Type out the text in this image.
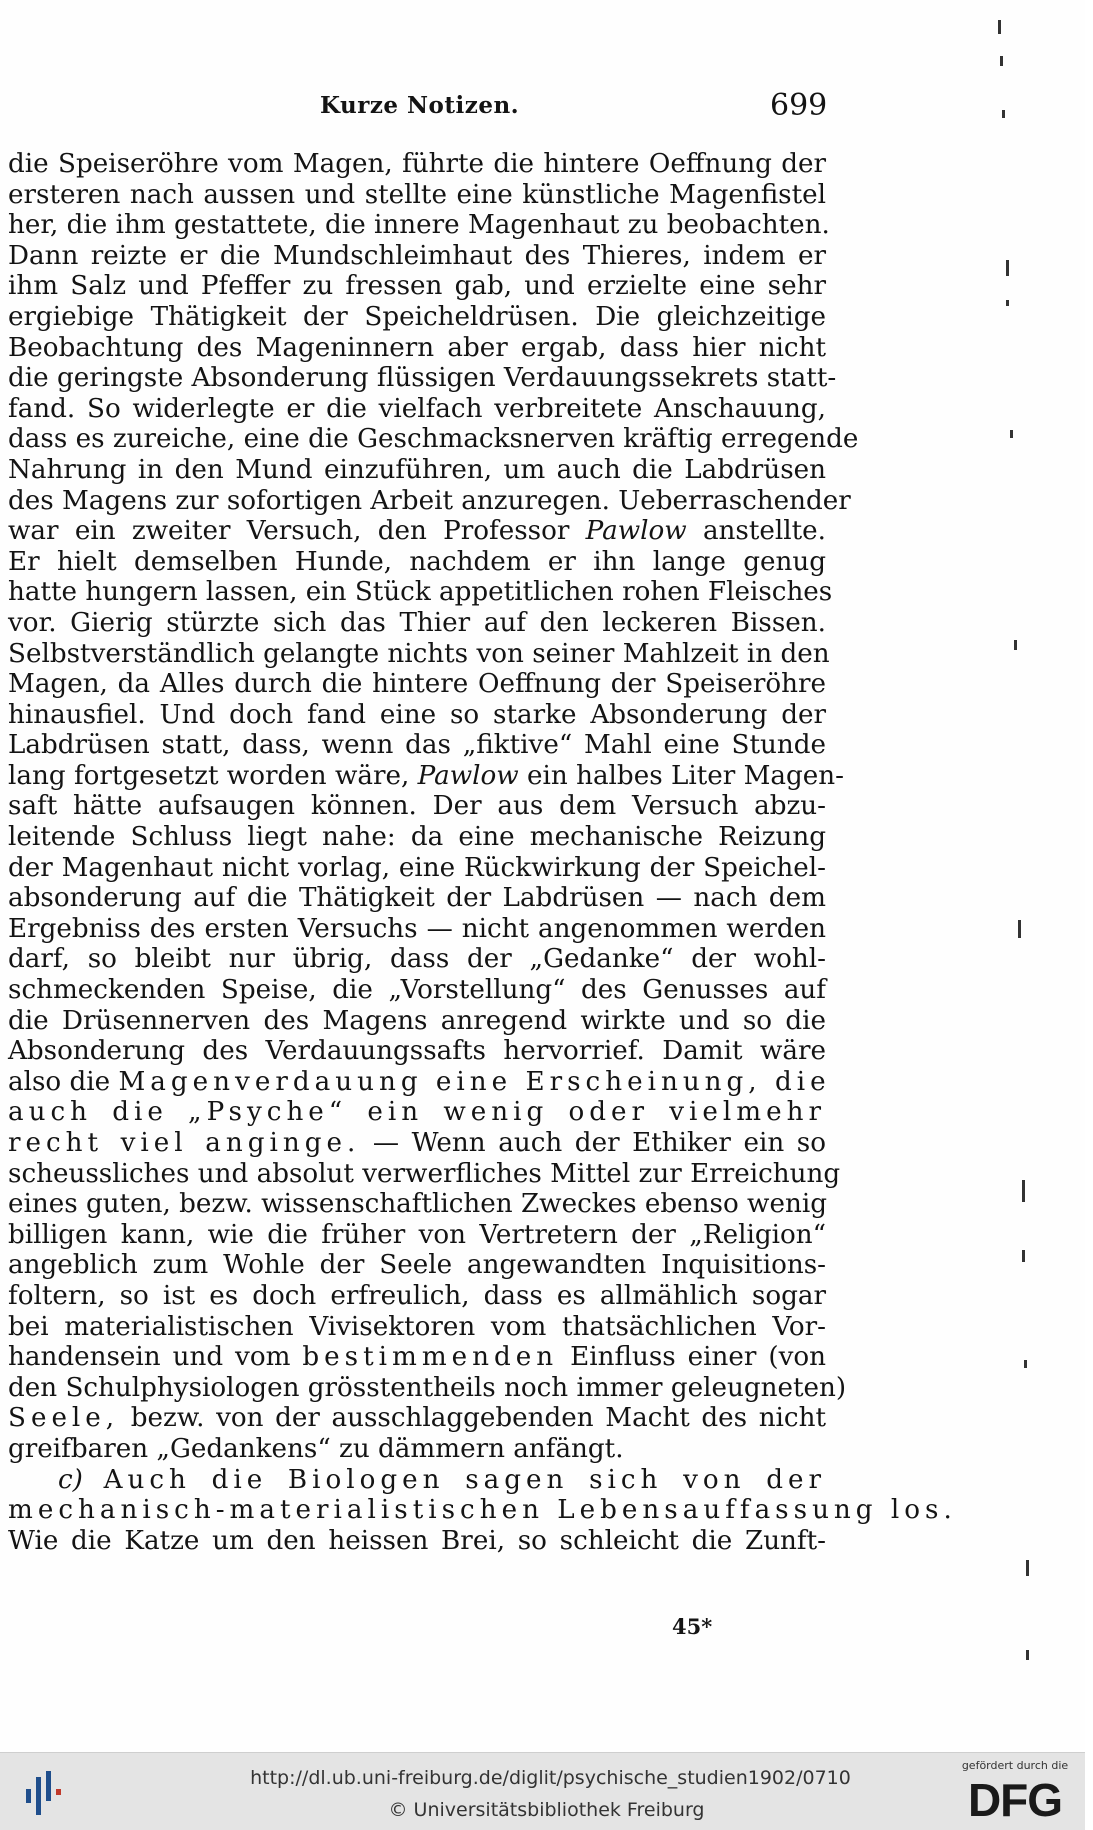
Kurze Notizen.	699
die Speiseröhre vom Magen, führte die hintere Oeffnung der
ersteren nach aussen und stellte eine künstliche Magenfistel
her, die ihm gestattete, die innere Magenhaut zu beobachten.
Dann reizte er die Mundschleimhaut des Thieres, indem er
ihm Salz und Pfeffer zu fressen gab, und erzielte eine sehr
ergiebige Thätigkeit der Speicheldrüsen. Die gleichzeitige
Beobachtung des Mageninnern aber ergab, dass hier nicht
die geringste Absonderung flüssigen Verdauungssekrets statt-
fand. So widerlegte er die vielfach verbreitete Anschauung,
dass es zureiche, eine die Geschmacksnerven kräftig erregende
Nahrung in den Mund einzuführen, um auch die Labdrüsen
des Magens zur sofortigen Arbeit anzuregen. Ueberraschender
war ein zweiter Versuch, den Professor Pawlow anstellte.
Er hielt demselben Hunde, nachdem er ihn lange genug
hatte hungern lassen, ein Stück appetitlichen rohen Fleisches
vor. Gierig stürzte sich das Thier auf den leckeren Bissen.
Selbstverständlich gelangte nichts von seiner Mahlzeit in den
Magen, da Alles durch die hintere Oeffnung der Speiseröhre
hinausfiel. Und doch fand eine so starke Absonderung der
Labdrüsen statt, dass, wenn das „fiktive“ Mahl eine Stunde
lang fortgesetzt worden wäre, Pawlow ein halbes Liter Magen-
saft hätte aufsaugen können. Der aus dem Versuch abzu-
leitende Schluss liegt nahe: da eine mechanische Reizung
der Magenhaut nicht vorlag, eine Rückwirkung der Speichel-
absonderung auf die Thätigkeit der Labdrüsen — nach dem
Ergebniss des ersten Versuchs — nicht angenommen werden
darf, so bleibt nur übrig, dass der „Gedanke“ der wohl-
schmeckenden Speise, die „Vorstellung“ des Genusses auf
die Drüsennerven des Magens anregend wirkte und so die
Absonderung des Verdauungssafts hervorrief. Damit wäre
also die Magenverdauung eine Erscheinung, die
auch die „Psyche“ ein wenig oder vielmehr
recht viel anginge. — Wenn auch der Ethiker ein so
scheussliches und absolut verwerfliches Mittel zur Erreichung
eines guten, bezw. wissenschaftlichen Zweckes ebenso wenig
billigen kann, wie die früher von Vertretern der „Religion“
angeblich zum Wohle der Seele angewandten Inquisitions-
foltern, so ist es doch erfreulich, dass es allmählich sogar
bei materialistischen Vivisektoren vom thatsächlichen Vor-
handensein und vom bestimmenden Einfluss einer (von
den Schulphysiologen grösstentheils noch immer geleugneten)
Seele, bezw. von der ausschlaggebenden Macht des nicht
greifbaren „Gedankens“ zu dämmern anfängt.
c) Auch die Biologen sagen sich von der
mechanisch-materialistischen Lebensauffassung los.
Wie die Katze um den heissen Brei, so schleicht die Zunft-
45*
http://dl.ub.uni-freiburg.de/diglit/psychische_studien1902/0710
© Universitätsbibliothek Freiburg
gefördert durch die
DFG
